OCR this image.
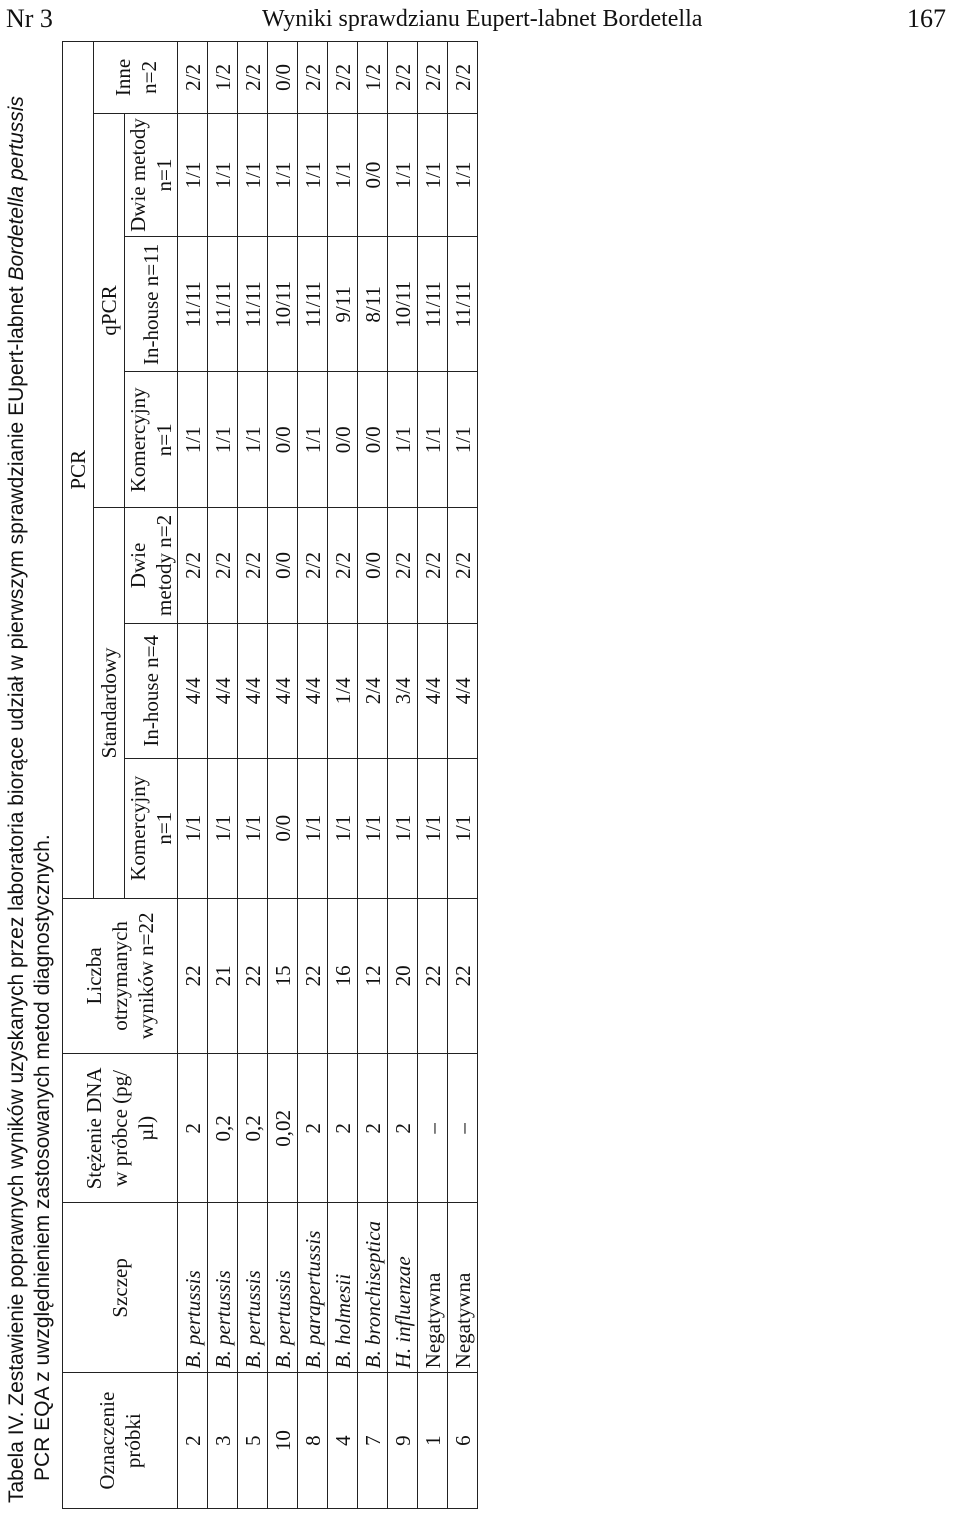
Nr 3	Wyniki sprawdzianu Eupert-labnet Bordetella	167
Tabela IV. Zestawienie poprawnych wyników uzyskanych przez laboratoria biorące udział w pierwszym sprawdzianie EUpert-labnet Bordetella pertussis
PCR EQA z uwzględnieniem zastosowanych metod diagnostycznych. Oznaczenie próbki	Szczep	Stężenie DNA w próbce (pg/µl)	Liczba otrzymanych wyników n=22	PCR						
				Standardowy			qPCR			Inne n=2
				Komercyjny n=1	In-house n=4	Dwie metody n=2	Komercyjny n=1	In-house n=11	Dwie metody n=1	
2	B. pertussis	2	22	1/1	4/4	2/2	1/1	11/11	1/1	2/2
3	B. pertussis	0,2	21	1/1	4/4	2/2	1/1	11/11	1/1	1/2
5	B. pertussis	0,2	22	1/1	4/4	2/2	1/1	11/11	1/1	2/2
10	B. pertussis	0,02	15	0/0	4/4	0/0	0/0	10/11	1/1	0/0
8	B. parapertussis	2	22	1/1	4/4	2/2	1/1	11/11	1/1	2/2
4	B. holmesii	2	16	1/1	1/4	2/2	0/0	9/11	1/1	2/2
7	B. bronchiseptica	2	12	1/1	2/4	0/0	0/0	8/11	0/0	1/2
9	H. influenzae	2	20	1/1	3/4	2/2	1/1	10/11	1/1	2/2
1	Negatywna	–	22	1/1	4/4	2/2	1/1	11/11	1/1	2/2
6	Negatywna	–	22	1/1	4/4	2/2	1/1	11/11	1/1	2/2
